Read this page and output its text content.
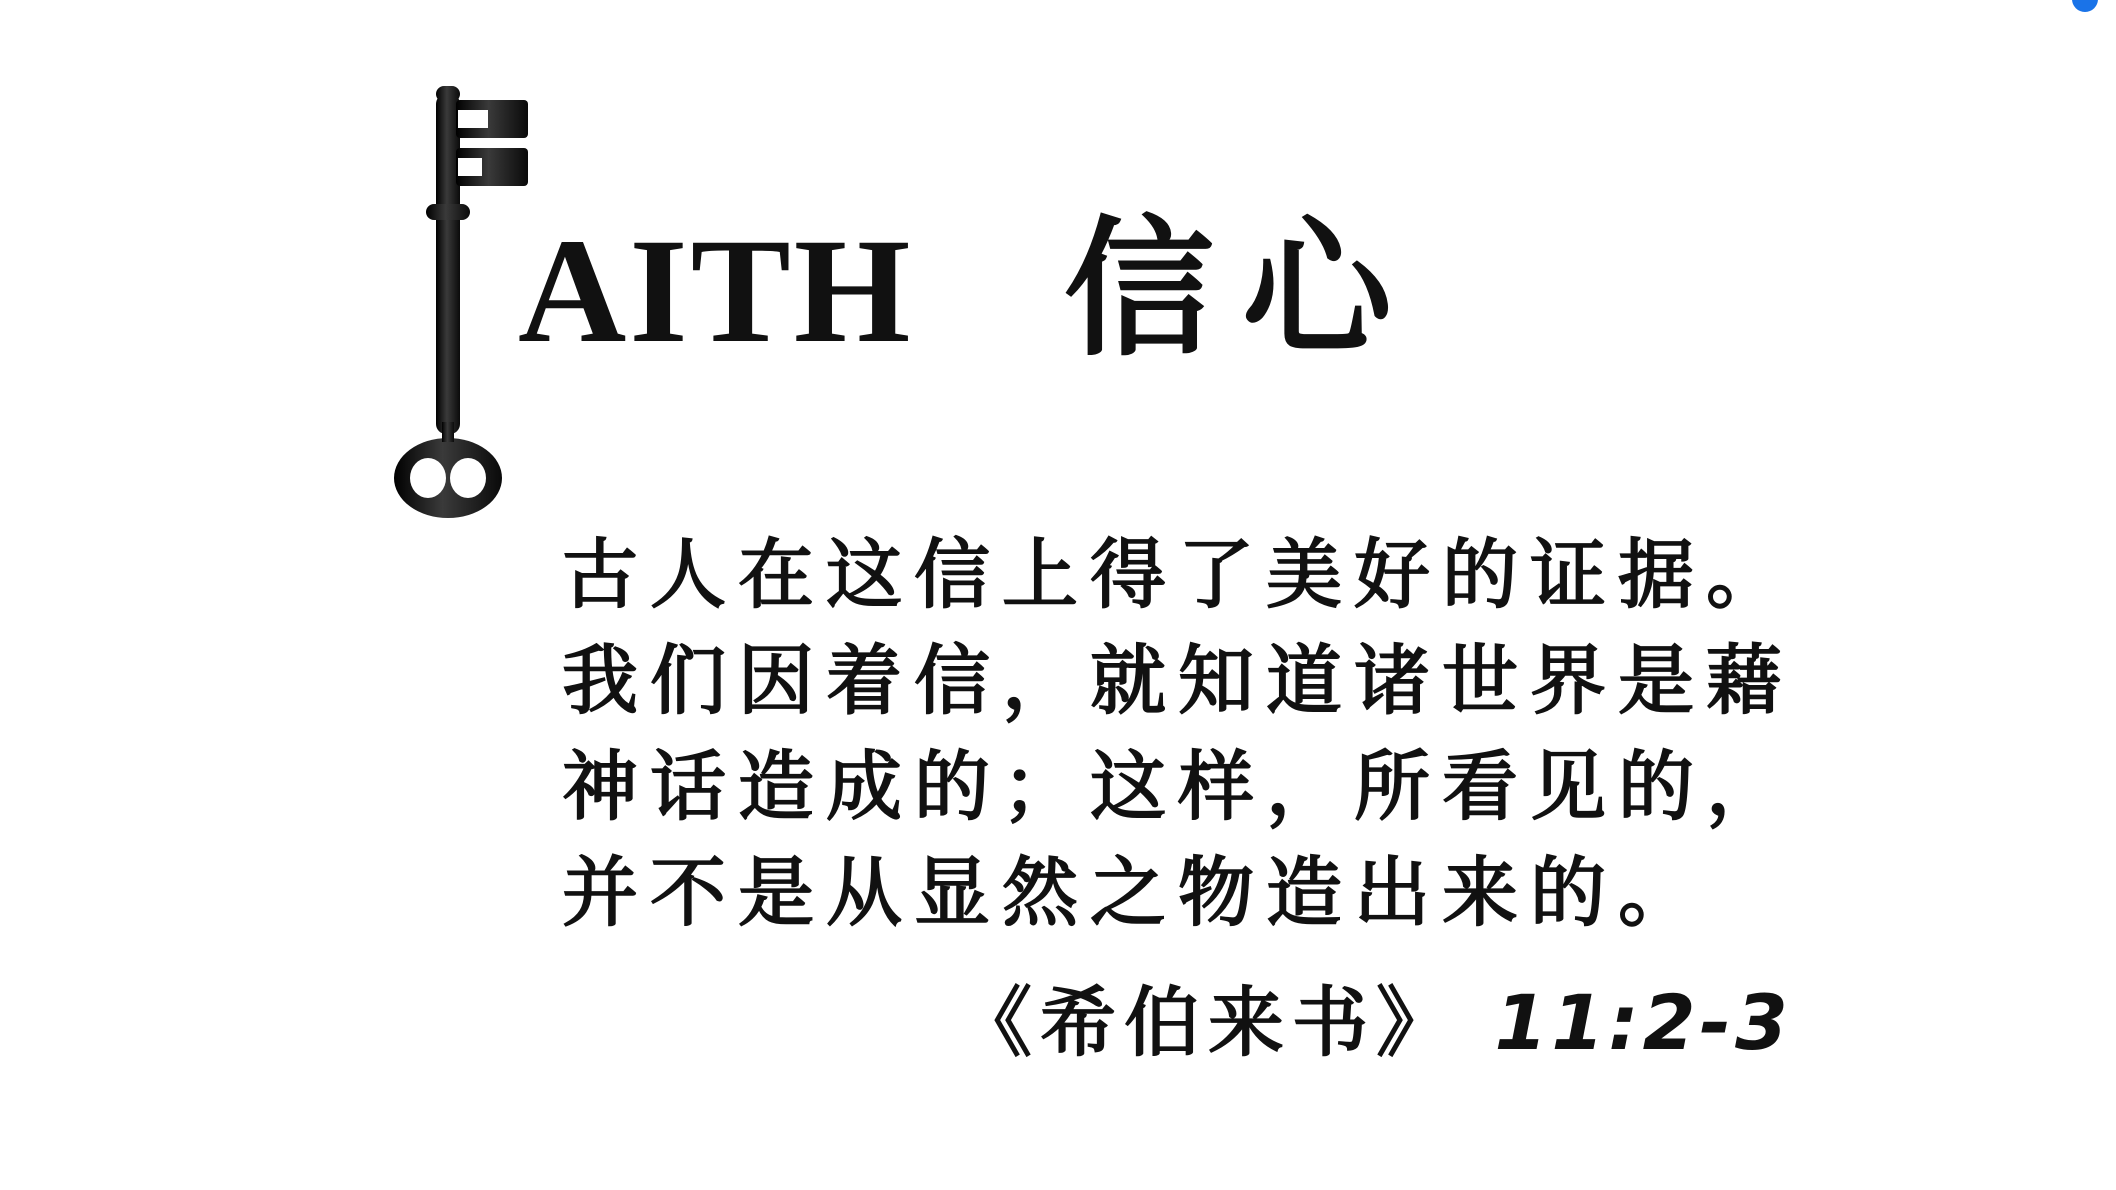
AITH 信心
古人在这信上得了美好的证据。
我们因着信，就知道诸世界是藉
神话造成的；这样，所看见的，
并不是从显然之物造出来的。
《希伯来书》 11:2-3
